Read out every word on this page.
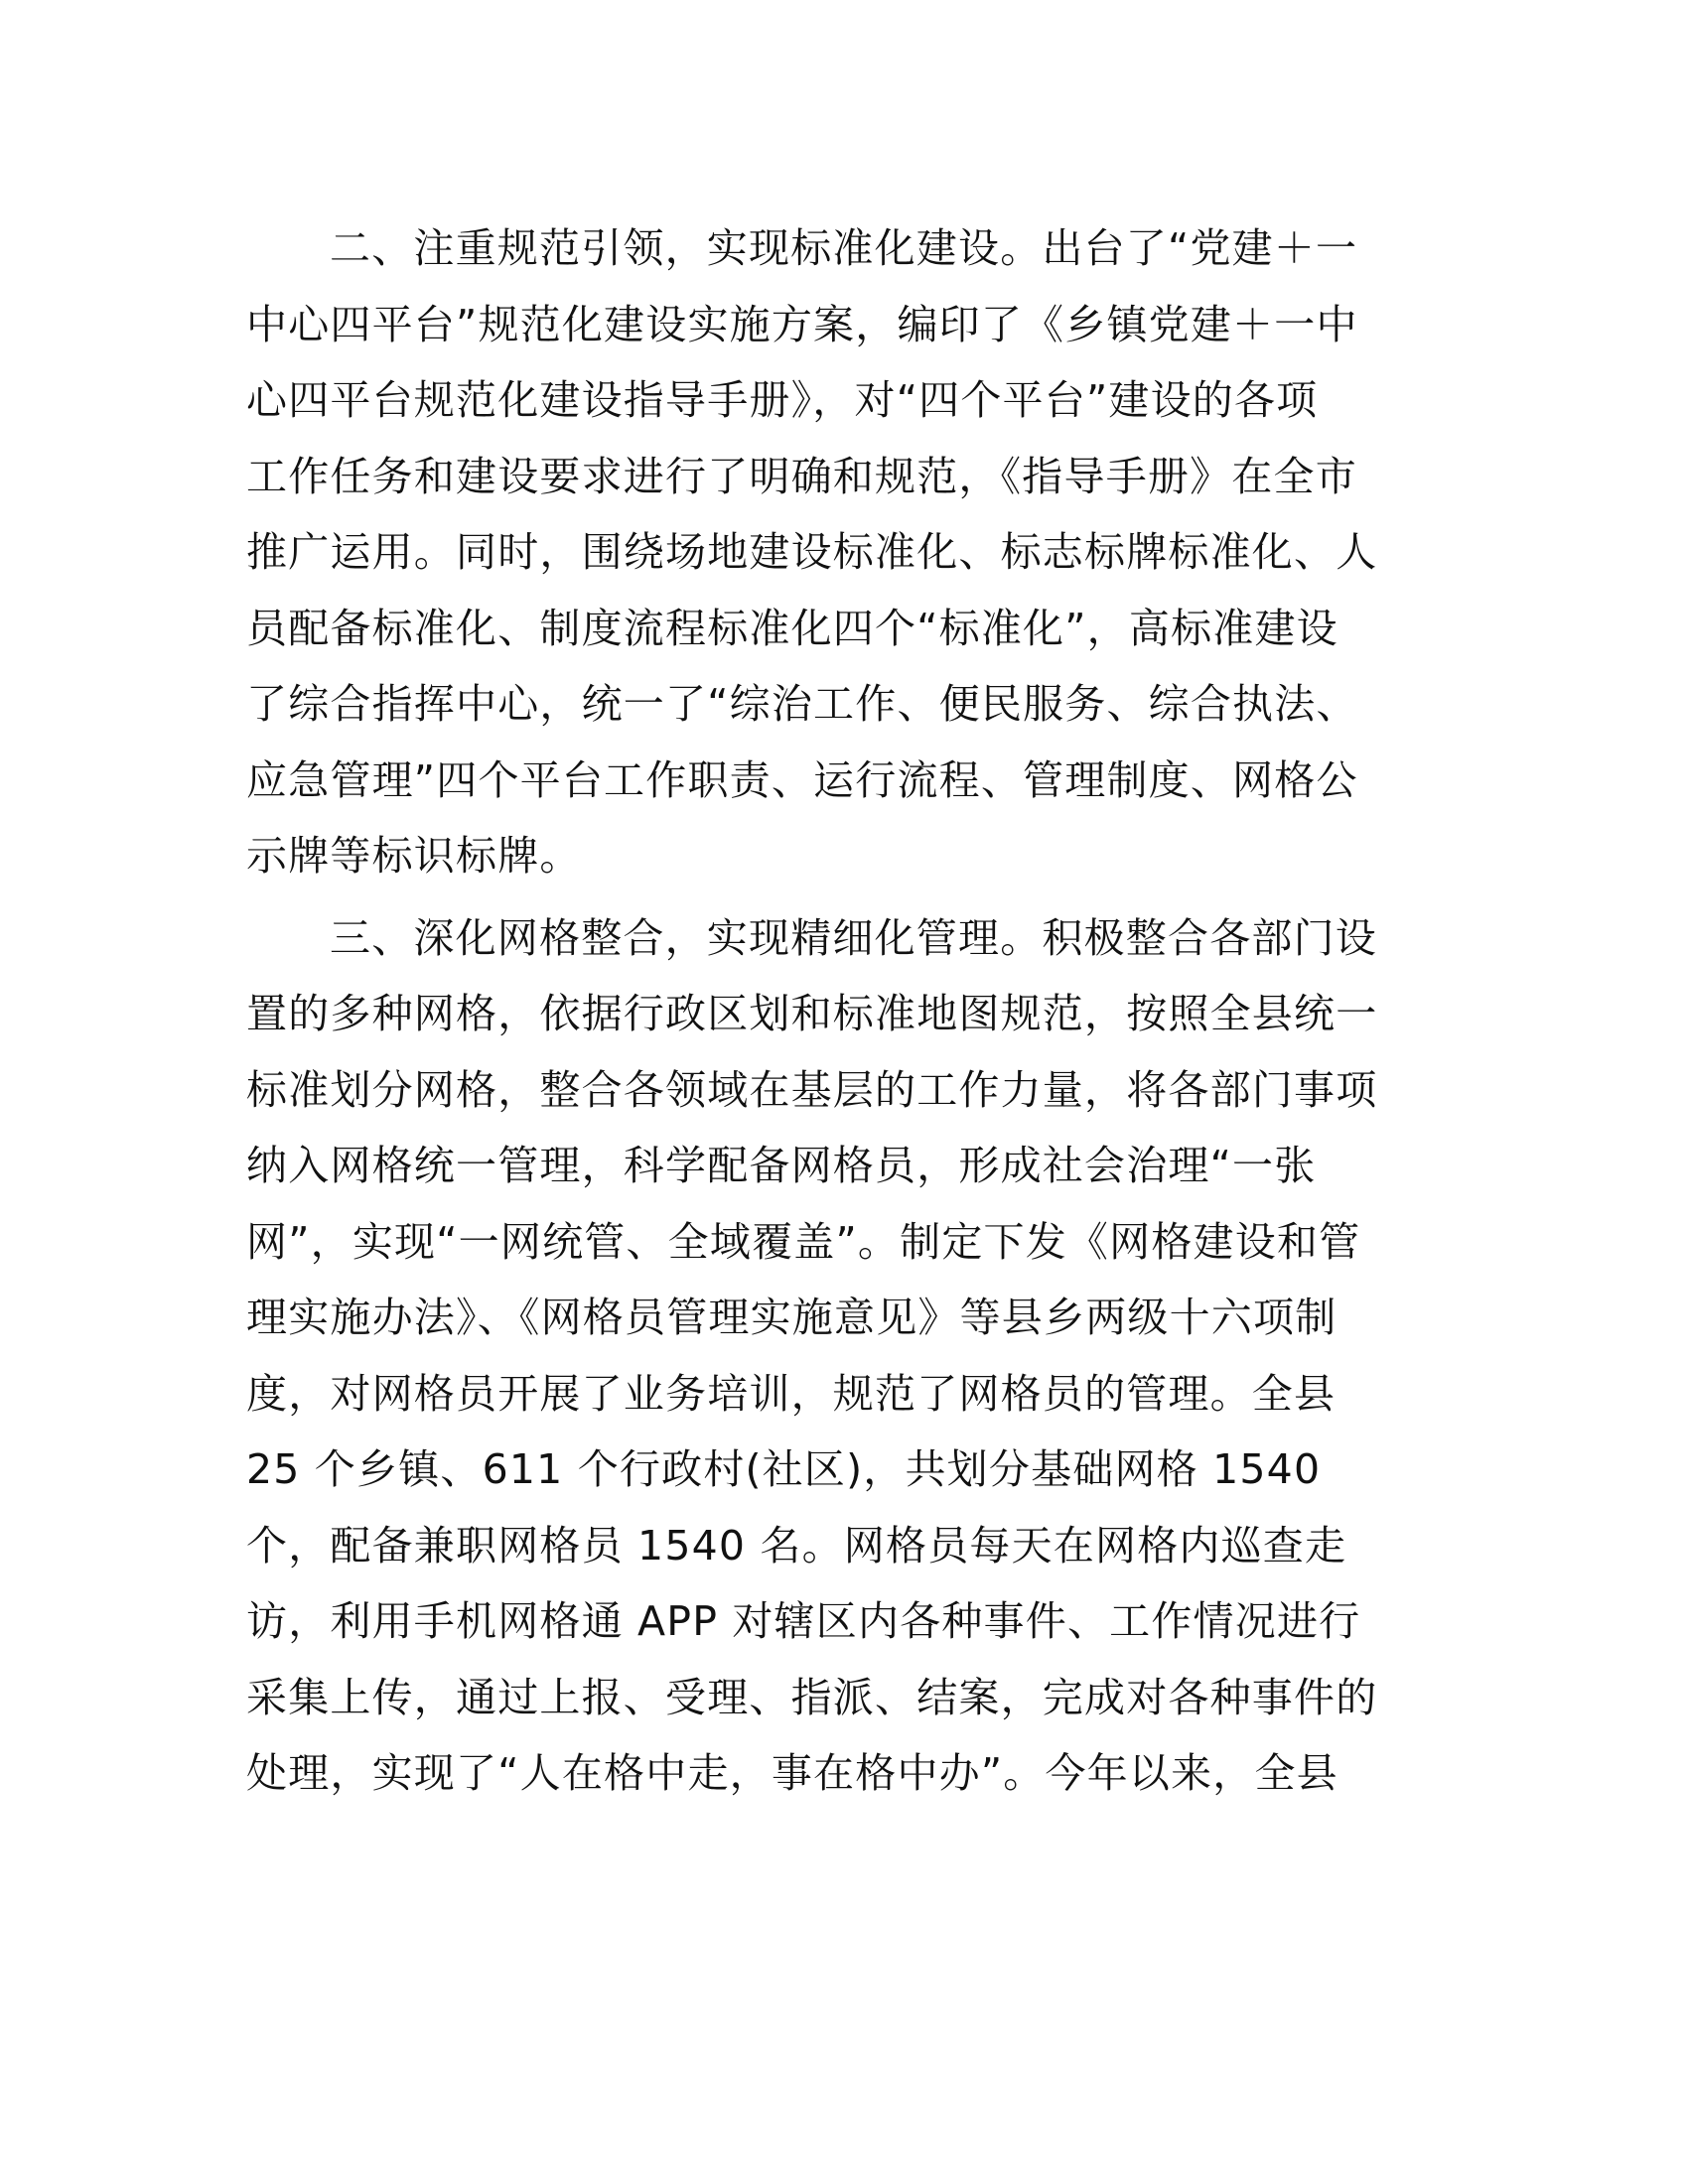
二、注重规范引领，实现标准化建设。出台了“党建＋一
中心四平台”规范化建设实施方案，编印了《乡镇党建＋一中
心四平台规范化建设指导手册》，对“四个平台”建设的各项
工作任务和建设要求进行了明确和规范，《指导手册》在全市
推广运用。同时，围绕场地建设标准化、标志标牌标准化、人
员配备标准化、制度流程标准化四个“标准化”，高标准建设
了综合指挥中心，统一了“综治工作、便民服务、综合执法、
应急管理”四个平台工作职责、运行流程、管理制度、网格公
示牌等标识标牌。

三、深化网格整合，实现精细化管理。积极整合各部门设
置的多种网格，依据行政区划和标准地图规范，按照全县统一
标准划分网格，整合各领域在基层的工作力量，将各部门事项
纳入网格统一管理，科学配备网格员，形成社会治理“一张
网”，实现“一网统管、全域覆盖”。制定下发《网格建设和管
理实施办法》、《网格员管理实施意见》等县乡两级十六项制
度，对网格员开展了业务培训，规范了网格员的管理。全县
25 个乡镇、611 个行政村(社区)，共划分基础网格 1540
个，配备兼职网格员 1540 名。网格员每天在网格内巡查走
访，利用手机网格通 APP 对辖区内各种事件、工作情况进行
采集上传，通过上报、受理、指派、结案，完成对各种事件的
处理，实现了“人在格中走，事在格中办”。今年以来，全县
